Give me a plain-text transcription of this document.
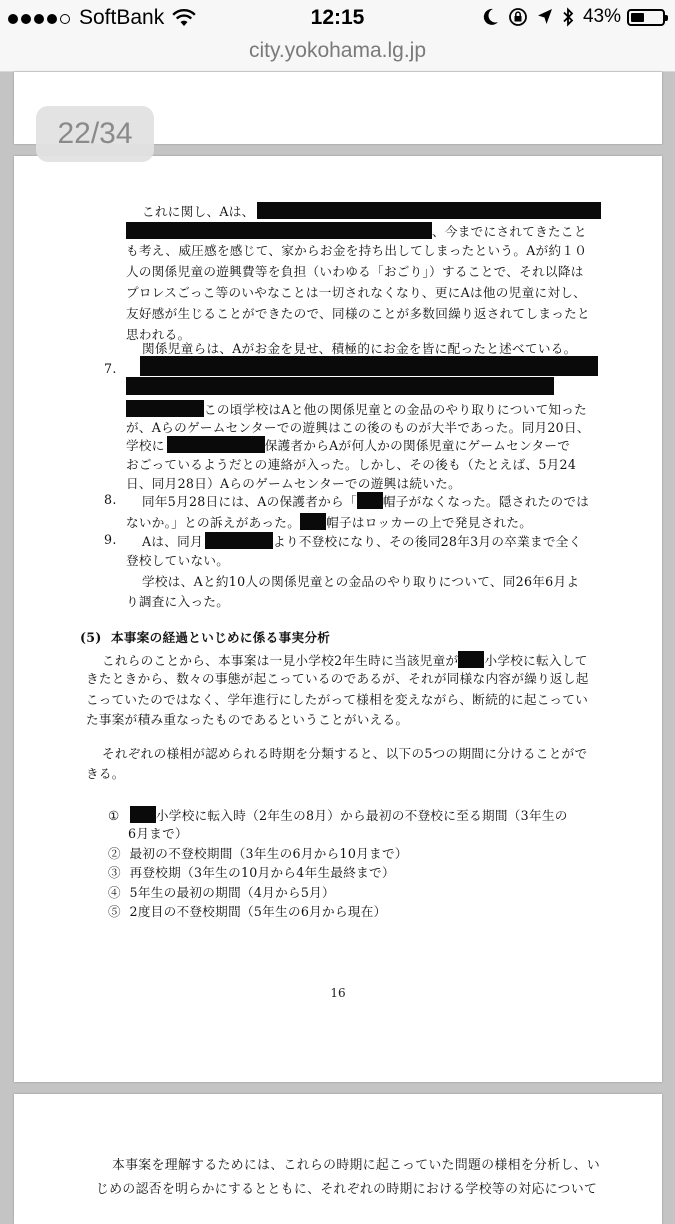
SoftBank	12:15	43%
city.yokohama.lg.jp
これに関し、Aは、
、今までにされてきたこと
も考え、威圧感を感じて、家からお金を持ち出してしまったという。Aが約１０
人の関係児童の遊興費等を負担（いわゆる「おごり」）することで、それ以降は
プロレスごっこ等のいやなことは一切されなくなり、更にAは他の児童に対し、
友好感が生じることができたので、同様のことが多数回繰り返されてしまったと
思われる。
関係児童らは、Aがお金を見せ、積極的にお金を皆に配ったと述べている。
7.
この頃学校はAと他の関係児童との金品のやり取りについて知った
が、Aらのゲームセンターでの遊興はこの後のものが大半であった。同月20日、
学校に	保護者からAが何人かの関係児童にゲームセンターで
おごっているようだとの連絡が入った。しかし、その後も（たとえば、5月24
日、同月28日）Aらのゲームセンターでの遊興は続いた。
8. 同年5月28日には、Aの保護者から「 帽子がなくなった。隠されたのでは
ないか。」との訴えがあった。 帽子はロッカーの上で発見された。
9. Aは、同月	より不登校になり、その後同28年3月の卒業まで全く
登校していない。
学校は、Aと約10人の関係児童との金品のやり取りについて、同26年6月よ
り調査に入った。
(5)  本事案の経過といじめに係る事実分析
これらのことから、本事案は一見小学校2年生時に当該児童が 小学校に転入して
きたときから、数々の事態が起こっているのであるが、それが同様な内容が繰り返し起
こっていたのではなく、学年進行にしたがって様相を変えながら、断続的に起こってい
た事案が積み重なったものであるということがいえる。
それぞれの様相が認められる時期を分類すると、以下の5つの期間に分けることがで
きる。
①	小学校に転入時（2年生の8月）から最初の不登校に至る期間（3年生の
6月まで）
②  最初の不登校期間（3年生の6月から10月まで）
③  再登校期（3年生の10月から4年生最終まで）
④  5年生の最初の期間（4月から5月）
⑤  2度目の不登校期間（5年生の6月から現在）
16
本事案を理解するためには、これらの時期に起こっていた問題の様相を分析し、い
じめの認否を明らかにするとともに、それぞれの時期における学校等の対応について
22/34
